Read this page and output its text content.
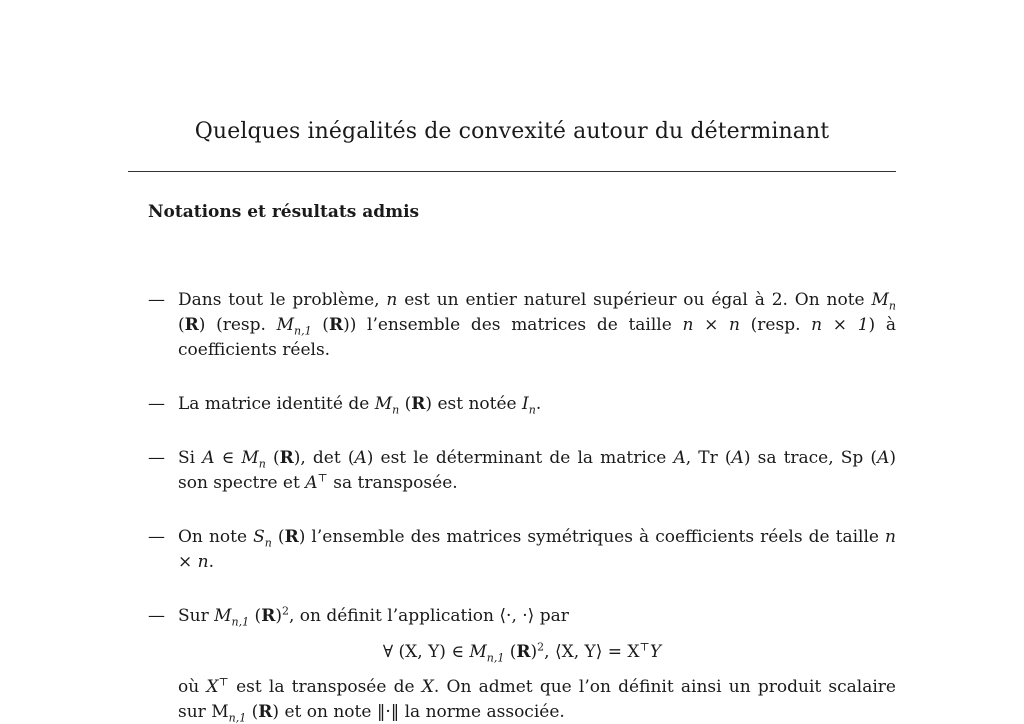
Quelques inégalités de convexité autour du déterminant
Notations et résultats admis
— Dans tout le problème, n est un entier naturel supérieur ou égal à 2. On note $M_n$ (R) (resp. $M_{n,1}$ (R)) l’ensemble des matrices de taille n × n (resp. n × 1) à coefficients réels.
— La matrice identité de $M_n$ (R) est notée $I_n$.
— Si A ∈ $M_n$ (R), det (A) est le déterminant de la matrice A, Tr (A) sa trace, Sp (A) son spectre et A⊤ sa transposée.
— On note $S_n$ (R) l’ensemble des matrices symétriques à coefficients réels de taille n × n.
— Sur $M_{n,1}$ $(R)^2$, on définit l’application ⟨·, ·⟩ par
∀ (X, Y) ∈ $M_{n,1}$ $(R)^2$, ⟨X, Y⟩ = X⊤Y
où X⊤ est la transposée de X. On admet que l’on définit ainsi un produit scalaire sur $M_{n,1}$ (R) et on note ‖·‖ la norme associée.
